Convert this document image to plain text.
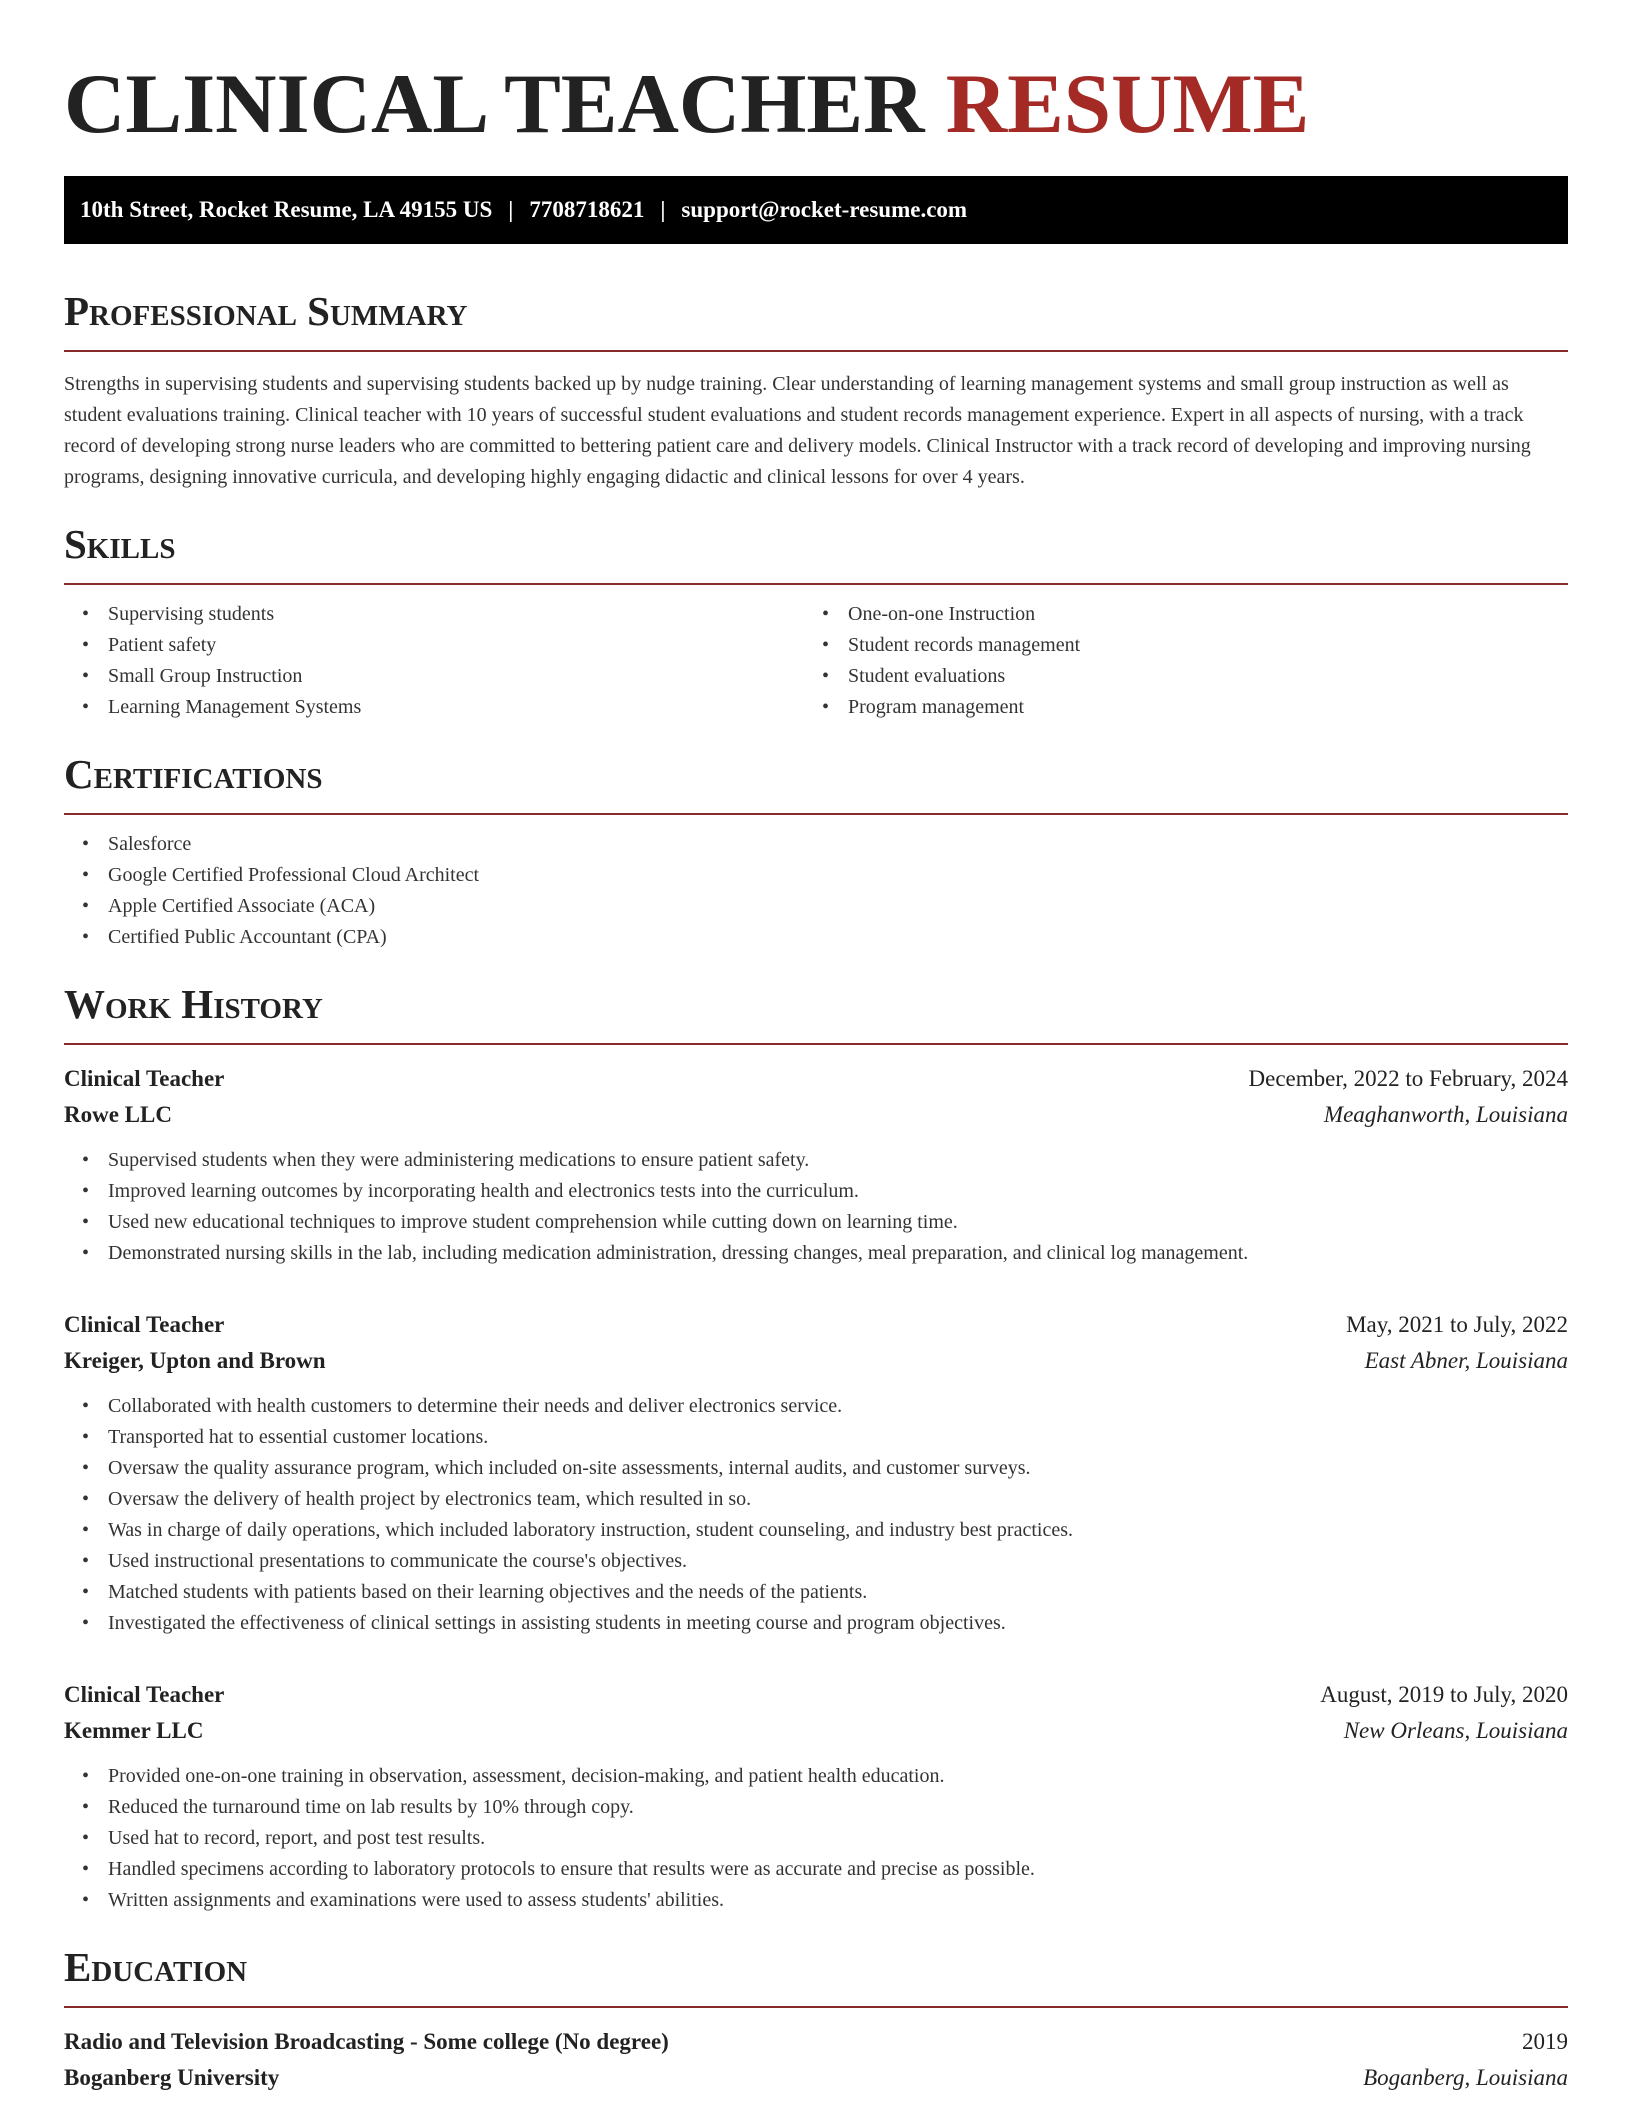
CLINICAL TEACHER RESUME
10th Street, Rocket Resume, LA 49155 US | 7708718621 | support@rocket-resume.com
Professional Summary

Strengths in supervising students and supervising students backed up by nudge training. Clear understanding of learning management systems and small group instruction as well as student evaluations training. Clinical teacher with 10 years of successful student evaluations and student records management experience. Expert in all aspects of nursing, with a track record of developing strong nurse leaders who are committed to bettering patient care and delivery models. Clinical Instructor with a track record of developing and improving nursing programs, designing innovative curricula, and developing highly engaging didactic and clinical lessons for over 4 years.

Skills
• Supervising students
• Patient safety
• Small Group Instruction
• Learning Management Systems
• One-on-one Instruction
• Student records management
• Student evaluations
• Program management
Certifications
• Salesforce
• Google Certified Professional Cloud Architect
• Apple Certified Associate (ACA)
• Certified Public Accountant (CPA)
Work History
Clinical Teacher	December, 2022 to February, 2024
Rowe LLC	Meaghanworth, Louisiana
• Supervised students when they were administering medications to ensure patient safety.
• Improved learning outcomes by incorporating health and electronics tests into the curriculum.
• Used new educational techniques to improve student comprehension while cutting down on learning time.
• Demonstrated nursing skills in the lab, including medication administration, dressing changes, meal preparation, and clinical log management.
Clinical Teacher	May, 2021 to July, 2022
Kreiger, Upton and Brown	East Abner, Louisiana
• Collaborated with health customers to determine their needs and deliver electronics service.
• Transported hat to essential customer locations.
• Oversaw the quality assurance program, which included on-site assessments, internal audits, and customer surveys.
• Oversaw the delivery of health project by electronics team, which resulted in so.
• Was in charge of daily operations, which included laboratory instruction, student counseling, and industry best practices.
• Used instructional presentations to communicate the course's objectives.
• Matched students with patients based on their learning objectives and the needs of the patients.
• Investigated the effectiveness of clinical settings in assisting students in meeting course and program objectives.
Clinical Teacher	August, 2019 to July, 2020
Kemmer LLC	New Orleans, Louisiana
• Provided one-on-one training in observation, assessment, decision-making, and patient health education.
• Reduced the turnaround time on lab results by 10% through copy.
• Used hat to record, report, and post test results.
• Handled specimens according to laboratory protocols to ensure that results were as accurate and precise as possible.
• Written assignments and examinations were used to assess students' abilities.
Education
Radio and Television Broadcasting - Some college (No degree)	2019
Boganberg University	Boganberg, Louisiana
